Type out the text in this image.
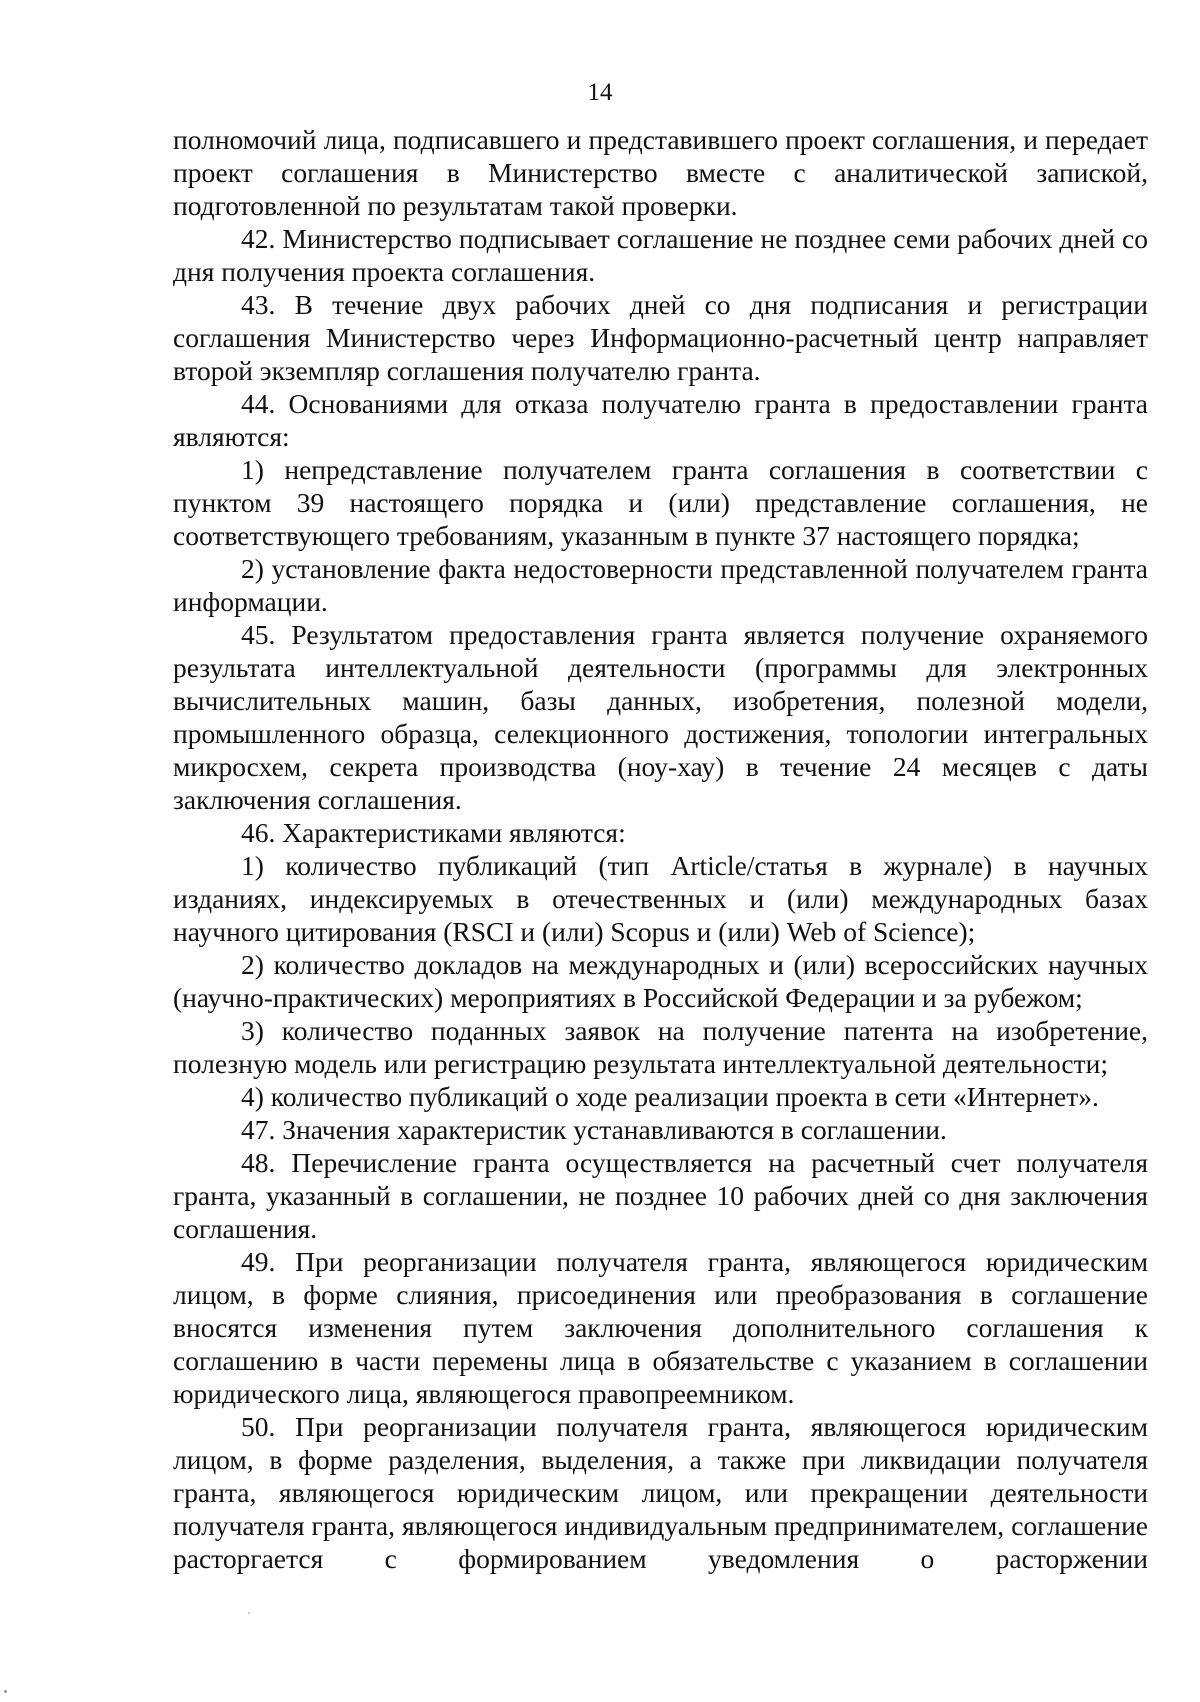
14

полномочий лица, подписавшего и представившего проект соглашения, и передает проект соглашения в Министерство вместе с аналитической запиской, подготовленной по результатам такой проверки.

42. Министерство подписывает соглашение не позднее семи рабочих дней со дня получения проекта соглашения.

43. В течение двух рабочих дней со дня подписания и регистрации соглашения Министерство через Информационно-расчетный центр направляет второй экземпляр соглашения получателю гранта.

44. Основаниями для отказа получателю гранта в предоставлении гранта являются:

1) непредставление получателем гранта соглашения в соответствии с пунктом 39 настоящего порядка и (или) представление соглашения, не соответствующего требованиям, указанным в пункте 37 настоящего порядка;

2) установление факта недостоверности представленной получателем гранта информации.

45. Результатом предоставления гранта является получение охраняемого результата интеллектуальной деятельности (программы для электронных вычислительных машин, базы данных, изобретения, полезной модели, промышленного образца, селекционного достижения, топологии интегральных микросхем, секрета производства (ноу-хау) в течение 24 месяцев с даты заключения соглашения.

46. Характеристиками являются:

1) количество публикаций (тип Article/статья в журнале) в научных изданиях, индексируемых в отечественных и (или) международных базах научного цитирования (RSCI и (или) Scopus и (или) Web of Science);

2) количество докладов на международных и (или) всероссийских научных (научно-практических) мероприятиях в Российской Федерации и за рубежом;

3) количество поданных заявок на получение патента на изобретение, полезную модель или регистрацию результата интеллектуальной деятельности;

4) количество публикаций о ходе реализации проекта в сети «Интернет».

47. Значения характеристик устанавливаются в соглашении.

48. Перечисление гранта осуществляется на расчетный счет получателя гранта, указанный в соглашении, не позднее 10 рабочих дней со дня заключения соглашения.

49. При реорганизации получателя гранта, являющегося юридическим лицом, в форме слияния, присоединения или преобразования в соглашение вносятся изменения путем заключения дополнительного соглашения к соглашению в части перемены лица в обязательстве с указанием в соглашении юридического лица, являющегося правопреемником.

50. При реорганизации получателя гранта, являющегося юридическим лицом, в форме разделения, выделения, а также при ликвидации получателя гранта, являющегося юридическим лицом, или прекращении деятельности получателя гранта, являющегося индивидуальным предпринимателем, соглашение расторгается с формированием уведомления о расторжении
